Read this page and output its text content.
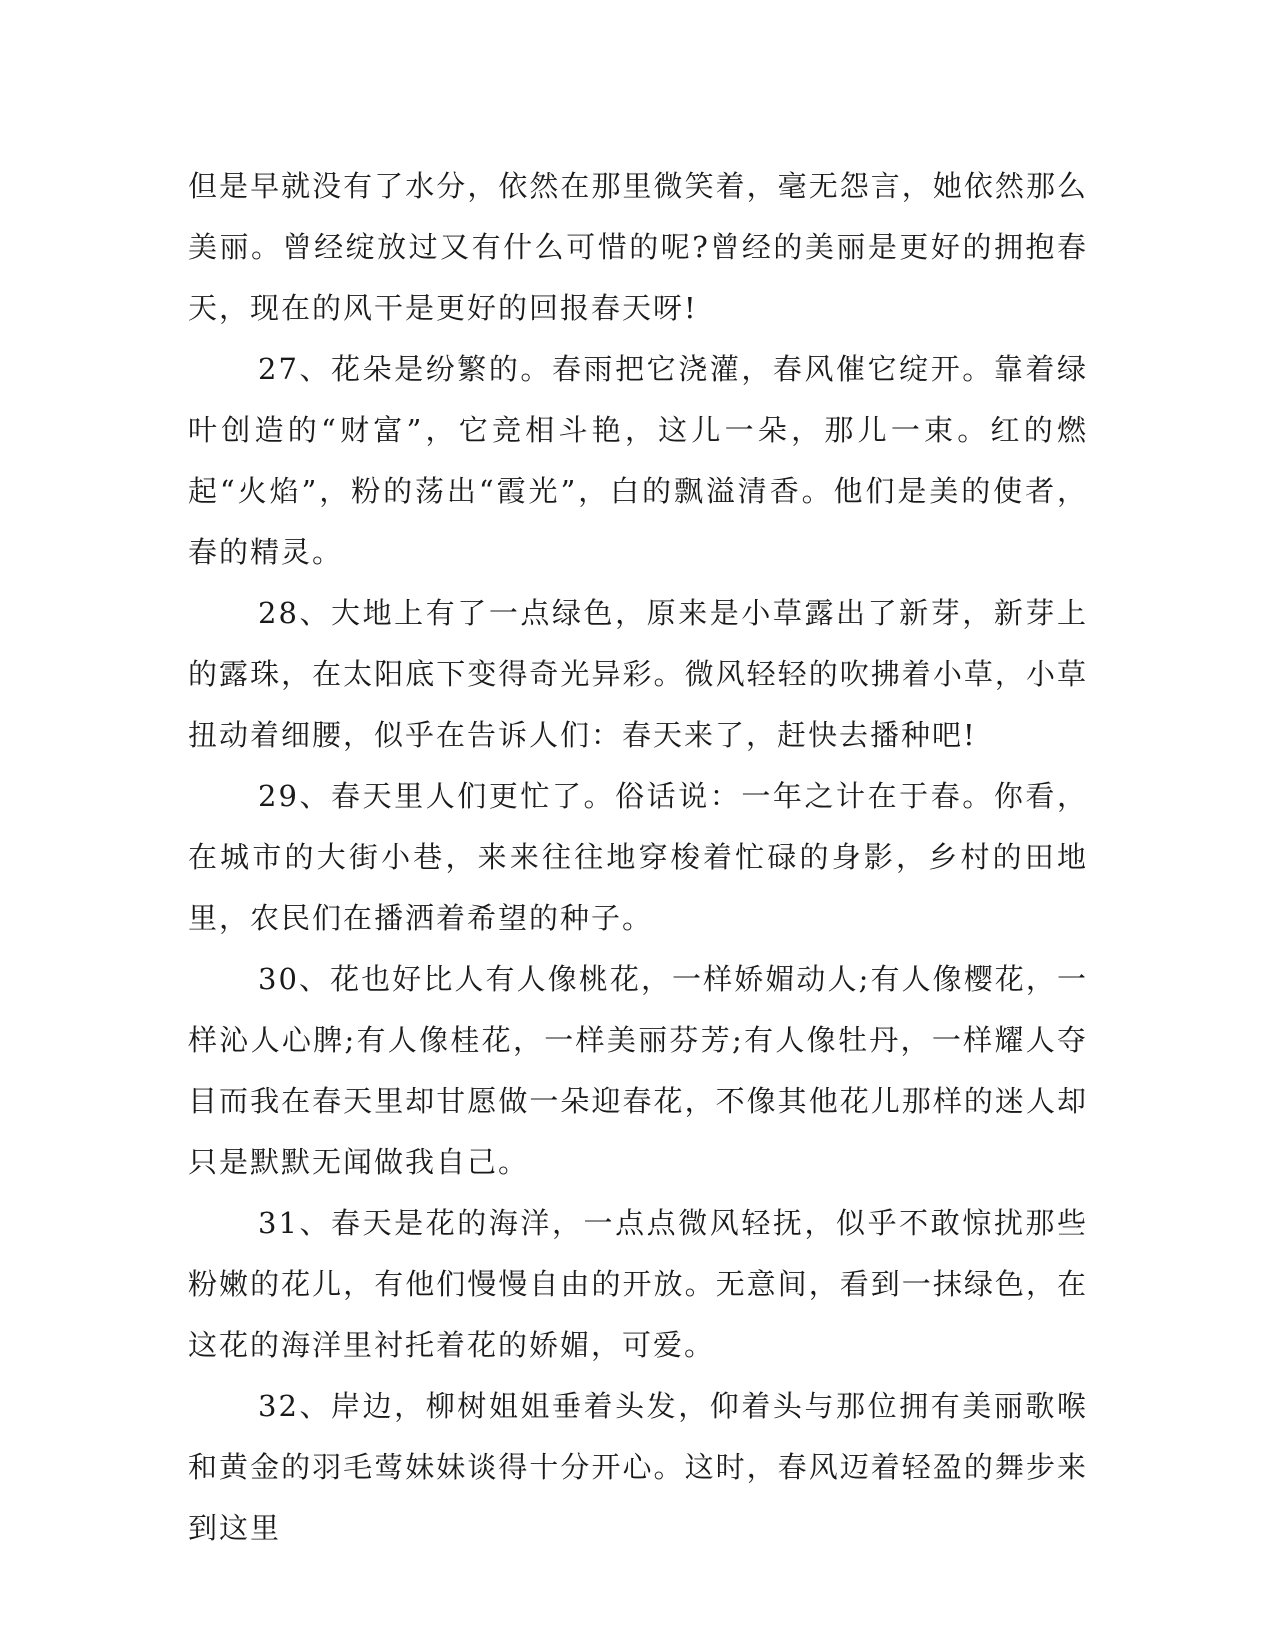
但是早就没有了水分，依然在那里微笑着，毫无怨言，她依然那么美丽。曾经绽放过又有什么可惜的呢?曾经的美丽是更好的拥抱春天，现在的风干是更好的回报春天呀!

27、花朵是纷繁的。春雨把它浇灌，春风催它绽开。靠着绿叶创造的“财富”，它竞相斗艳，这儿一朵，那儿一束。红的燃起“火焰”，粉的荡出“霞光”，白的飘溢清香。他们是美的使者，春的精灵。

28、大地上有了一点绿色，原来是小草露出了新芽，新芽上的露珠，在太阳底下变得奇光异彩。微风轻轻的吹拂着小草，小草扭动着细腰，似乎在告诉人们：春天来了，赶快去播种吧!

29、春天里人们更忙了。俗话说：一年之计在于春。你看，在城市的大街小巷，来来往往地穿梭着忙碌的身影，乡村的田地里，农民们在播洒着希望的种子。

30、花也好比人有人像桃花，一样娇媚动人;有人像樱花，一样沁人心脾;有人像桂花，一样美丽芬芳;有人像牡丹，一样耀人夺目而我在春天里却甘愿做一朵迎春花，不像其他花儿那样的迷人却只是默默无闻做我自己。

31、春天是花的海洋，一点点微风轻抚，似乎不敢惊扰那些粉嫩的花儿，有他们慢慢自由的开放。无意间，看到一抹绿色，在这花的海洋里衬托着花的娇媚，可爱。

32、岸边，柳树姐姐垂着头发，仰着头与那位拥有美丽歌喉和黄金的羽毛莺妹妹谈得十分开心。这时，春风迈着轻盈的舞步来到这里
